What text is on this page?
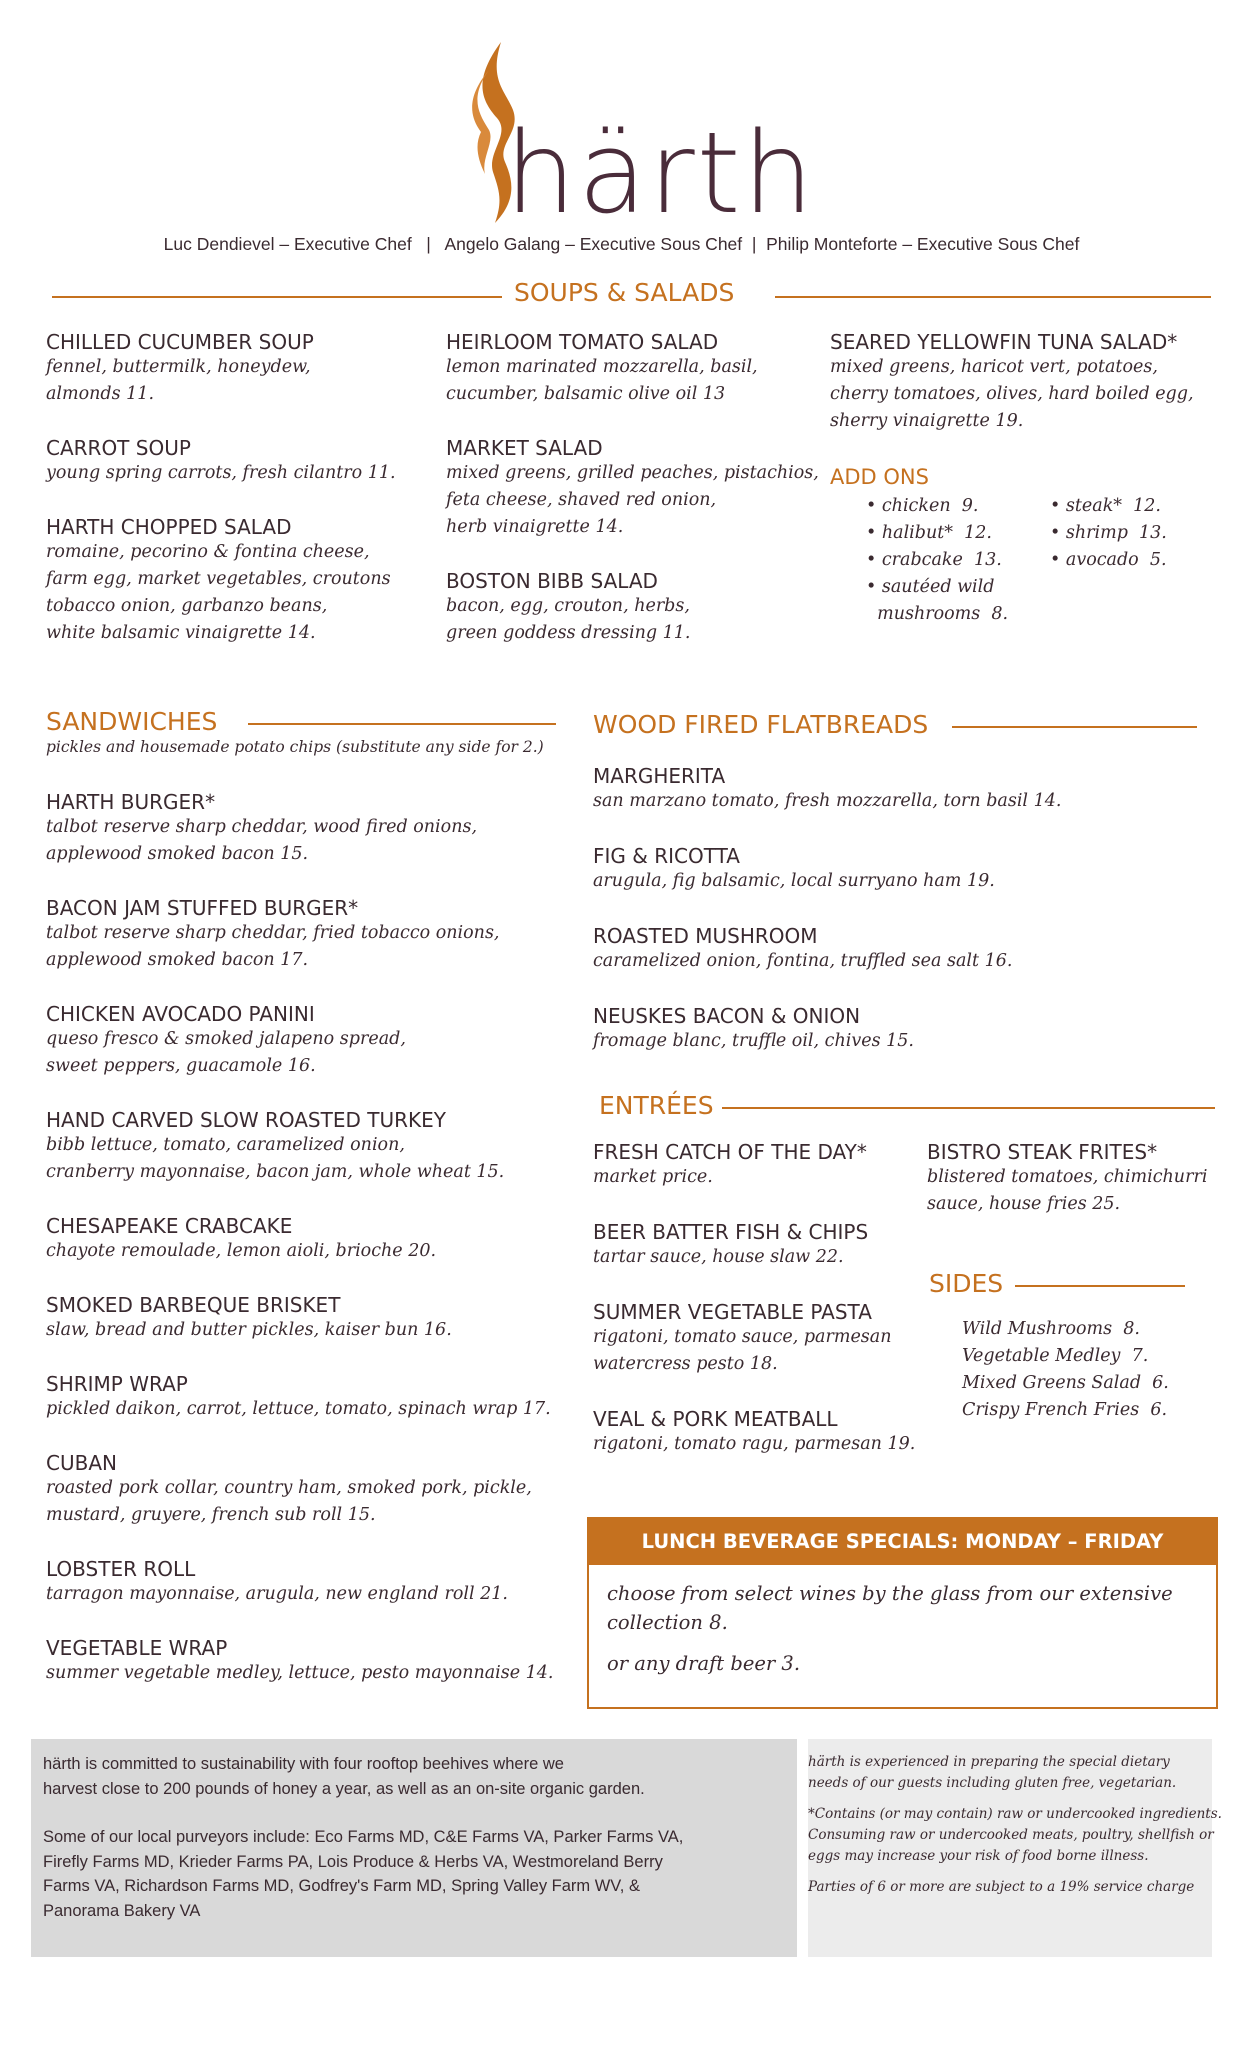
härth
Luc Dendievel – Executive Chef   |   Angelo Galang – Executive Sous Chef  |  Philip Monteforte – Executive Sous Chef
SOUPS & SALADS
CHILLED CUCUMBER SOUP
fennel, buttermilk, honeydew,
almonds 11.
CARROT SOUP
young spring carrots, fresh cilantro 11.
HARTH CHOPPED SALAD
romaine, pecorino & fontina cheese,
farm egg, market vegetables, croutons
tobacco onion, garbanzo beans,
white balsamic vinaigrette 14.
HEIRLOOM TOMATO SALAD
lemon marinated mozzarella, basil,
cucumber, balsamic olive oil 13
MARKET SALAD
mixed greens, grilled peaches, pistachios,
feta cheese, shaved red onion,
herb vinaigrette 14.
BOSTON BIBB SALAD
bacon, egg, crouton, herbs,
green goddess dressing 11.
SEARED YELLOWFIN TUNA SALAD*
mixed greens, haricot vert, potatoes,
cherry tomatoes, olives, hard boiled egg,
sherry vinaigrette 19.
ADD ONS
• chicken  9.
• halibut*  12.
• crabcake  13.
• sautéed wild
mushrooms  8.
• steak*  12.
• shrimp  13.
• avocado  5.
SANDWICHES
pickles and housemade potato chips (substitute any side for 2.)
HARTH BURGER*
talbot reserve sharp cheddar, wood fired onions,
applewood smoked bacon 15.
BACON JAM STUFFED BURGER*
talbot reserve sharp cheddar, fried tobacco onions,
applewood smoked bacon 17.
CHICKEN AVOCADO PANINI
queso fresco & smoked jalapeno spread,
sweet peppers, guacamole 16.
HAND CARVED SLOW ROASTED TURKEY
bibb lettuce, tomato, caramelized onion,
cranberry mayonnaise, bacon jam, whole wheat 15.
CHESAPEAKE CRABCAKE
chayote remoulade, lemon aioli, brioche 20.
SMOKED BARBEQUE BRISKET
slaw, bread and butter pickles, kaiser bun 16.
SHRIMP WRAP
pickled daikon, carrot, lettuce, tomato, spinach wrap 17.
CUBAN
roasted pork collar, country ham, smoked pork, pickle,
mustard, gruyere, french sub roll 15.
LOBSTER ROLL
tarragon mayonnaise, arugula, new england roll 21.
VEGETABLE WRAP
summer vegetable medley, lettuce, pesto mayonnaise 14.
WOOD FIRED FLATBREADS
MARGHERITA
san marzano tomato, fresh mozzarella, torn basil 14.
FIG & RICOTTA
arugula, fig balsamic, local surryano ham 19.
ROASTED MUSHROOM
caramelized onion, fontina, truffled sea salt 16.
NEUSKES BACON & ONION
fromage blanc, truffle oil, chives 15.
ENTRÉES
FRESH CATCH OF THE DAY*
market price.
BEER BATTER FISH & CHIPS
tartar sauce, house slaw 22.
SUMMER VEGETABLE PASTA
rigatoni, tomato sauce, parmesan
watercress pesto 18.
VEAL & PORK MEATBALL
rigatoni, tomato ragu, parmesan 19.
BISTRO STEAK FRITES*
blistered tomatoes, chimichurri
sauce, house fries 25.
SIDES
Wild Mushrooms  8.
Vegetable Medley  7.
Mixed Greens Salad  6.
Crispy French Fries  6.
LUNCH BEVERAGE SPECIALS: MONDAY – FRIDAY
choose from select wines by the glass from our extensive
collection 8.
or any draft beer 3.

härth is committed to sustainability with four rooftop beehives where we

harvest close to 200 pounds of honey a year, as well as an on-site organic garden.

Some of our local purveyors include: Eco Farms MD, C&E Farms VA, Parker Farms VA,

Firefly Farms MD, Krieder Farms PA, Lois Produce & Herbs VA, Westmoreland Berry

Farms VA, Richardson Farms MD, Godfrey's Farm MD, Spring Valley Farm WV, &

Panorama Bakery VA

härth is experienced in preparing the special dietary

needs of our guests including gluten free, vegetarian.

*Contains (or may contain) raw or undercooked ingredients.

Consuming raw or undercooked meats, poultry, shellfish or

eggs may increase your risk of food borne illness.

Parties of 6 or more are subject to a 19% service charge
